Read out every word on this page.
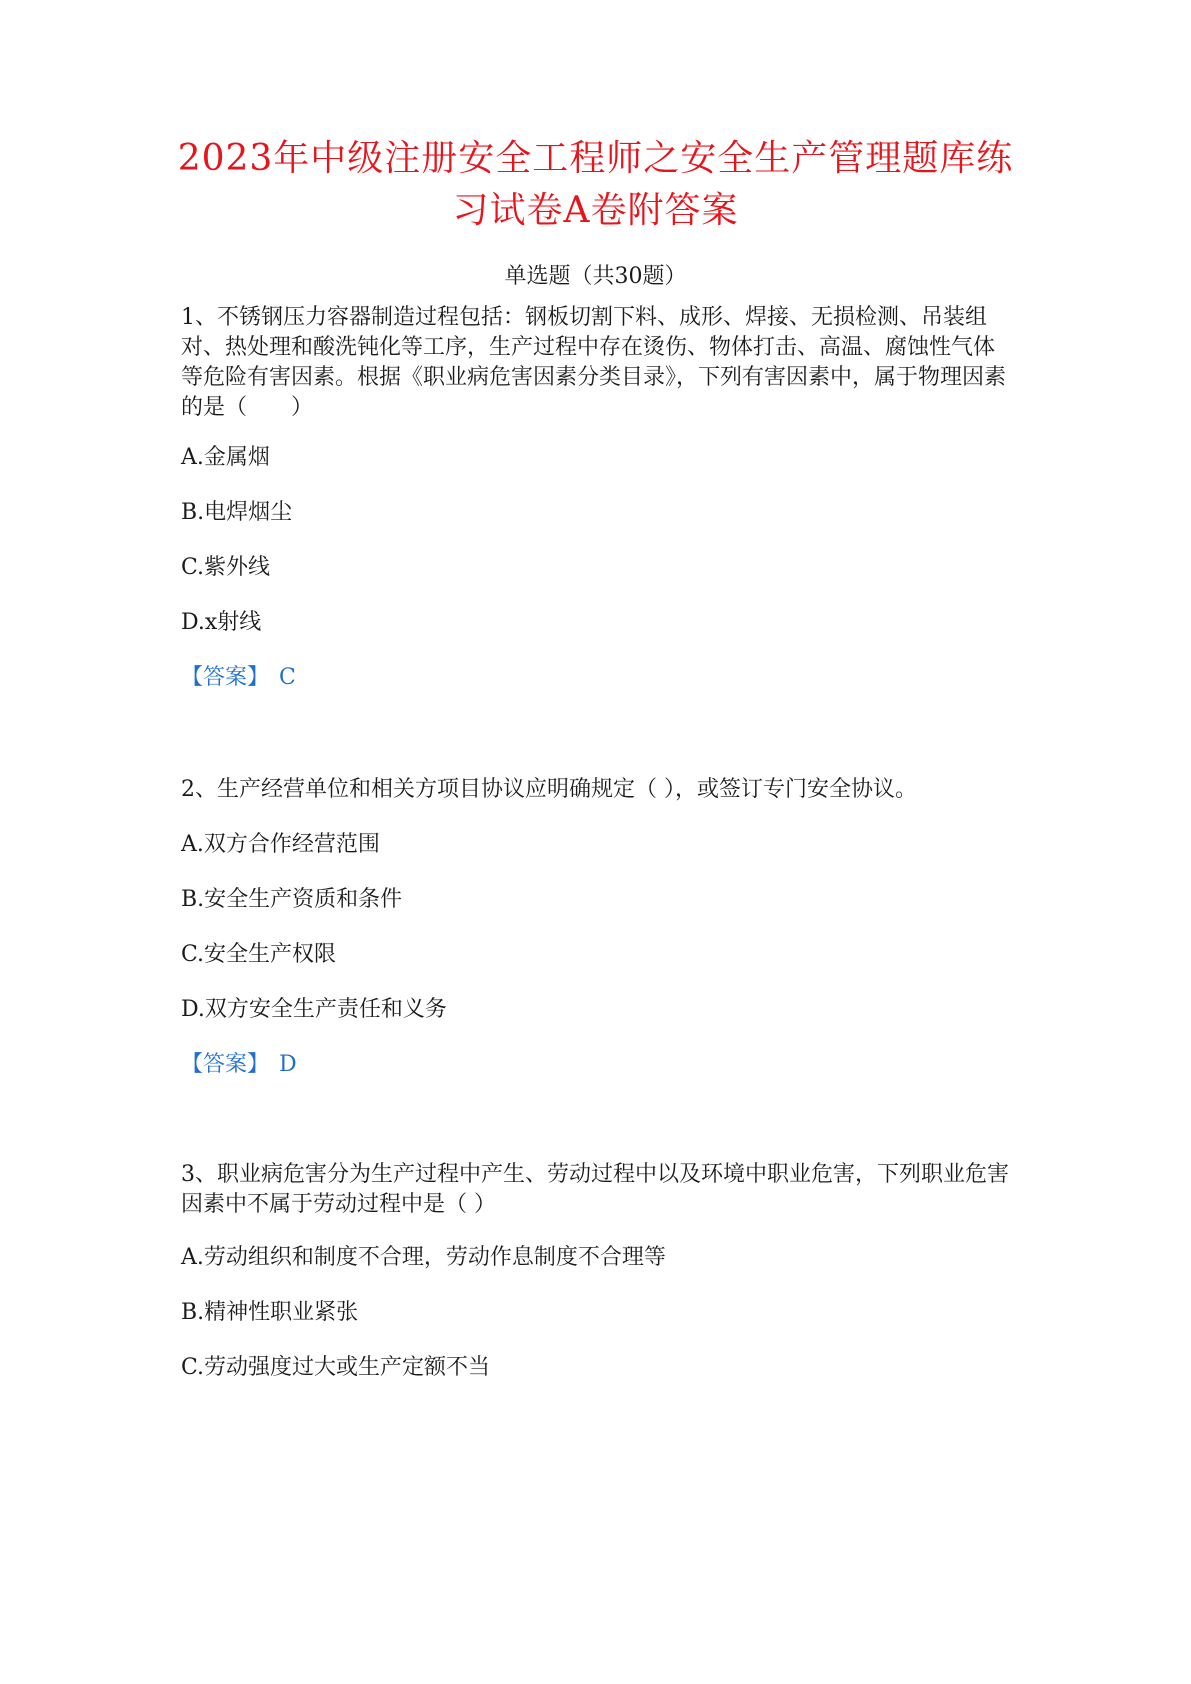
2023年中级注册安全工程师之安全生产管理题库练
习试卷A卷附答案
单选题（共30题）
1、不锈钢压力容器制造过程包括：钢板切割下料、成形、焊接、无损检测、吊装组对、热处理和酸洗钝化等工序，生产过程中存在烫伤、物体打击、高温、腐蚀性气体等危险有害因素。根据《职业病危害因素分类目录》，下列有害因素中，属于物理因素的是（　　）
A.金属烟
B.电焊烟尘
C.紫外线
D.x射线
【答案】 C
2、生产经营单位和相关方项目协议应明确规定（ ），或签订专门安全协议。
A.双方合作经营范围
B.安全生产资质和条件
C.安全生产权限
D.双方安全生产责任和义务
【答案】 D
3、职业病危害分为生产过程中产生、劳动过程中以及环境中职业危害，下列职业危害因素中不属于劳动过程中是（ ）
A.劳动组织和制度不合理，劳动作息制度不合理等
B.精神性职业紧张
C.劳动强度过大或生产定额不当
